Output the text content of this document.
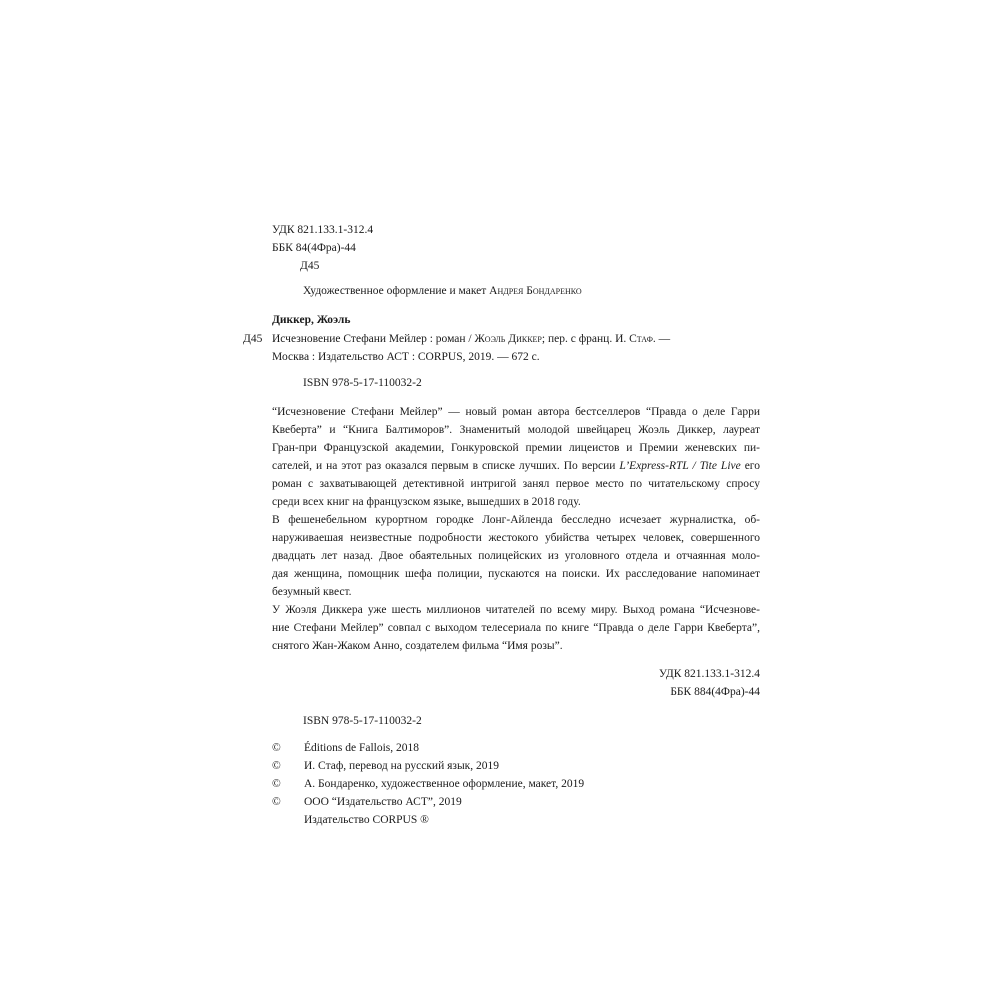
УДК 821.133.1-312.4
ББК 84(4Фра)-44
Д45
Художественное оформление и макет Андрея Бондаренко
Диккер, Жоэль
Д45 Исчезновение Стефани Мейлер : роман / Жоэль Диккер; пер. с франц. И. Стаф. —
Москва : Издательство АСТ : CORPUS, 2019. — 672 с.
ISBN 978-5-17-110032-2
“Исчезновение Стефани Мейлер” — новый роман автора бестселлеров “Правда о деле Гарри
Квеберта” и “Книга Балтиморов”. Знаменитый молодой швейцарец Жоэль Диккер, лауреат
Гран-при Французской академии, Гонкуровской премии лицеистов и Премии женевских пи-
сателей, и на этот раз оказался первым в списке лучших. По версии L’Express-RTL / Tite Live его
роман с захватывающей детективной интригой занял первое место по читательскому спросу
среди всех книг на французском языке, вышедших в 2018 году.
В фешенебельном курортном городке Лонг-Айленда бесследно исчезает журналистка, об-
наруживаешая неизвестные подробности жестокого убийства четырех человек, совершенного
двадцать лет назад. Двое обаятельных полицейских из уголовного отдела и отчаянная моло-
дая женщина, помощник шефа полиции, пускаются на поиски. Их расследование напоминает
безумный квест.
У Жоэля Диккера уже шесть миллионов читателей по всему миру. Выход романа “Исчезнове-
ние Стефани Мейлер” совпал с выходом телесериала по книге “Правда о деле Гарри Квеберта”,
снятого Жан-Жаком Анно, создателем фильма “Имя розы”.
УДК 821.133.1-312.4
ББК 884(4Фра)-44
ISBN 978-5-17-110032-2
© Éditions de Fallois, 2018
© И. Стаф, перевод на русский язык, 2019
© А. Бондаренко, художественное оформление, макет, 2019
© ООО “Издательство АСТ”, 2019
Издательство CORPUS ®
